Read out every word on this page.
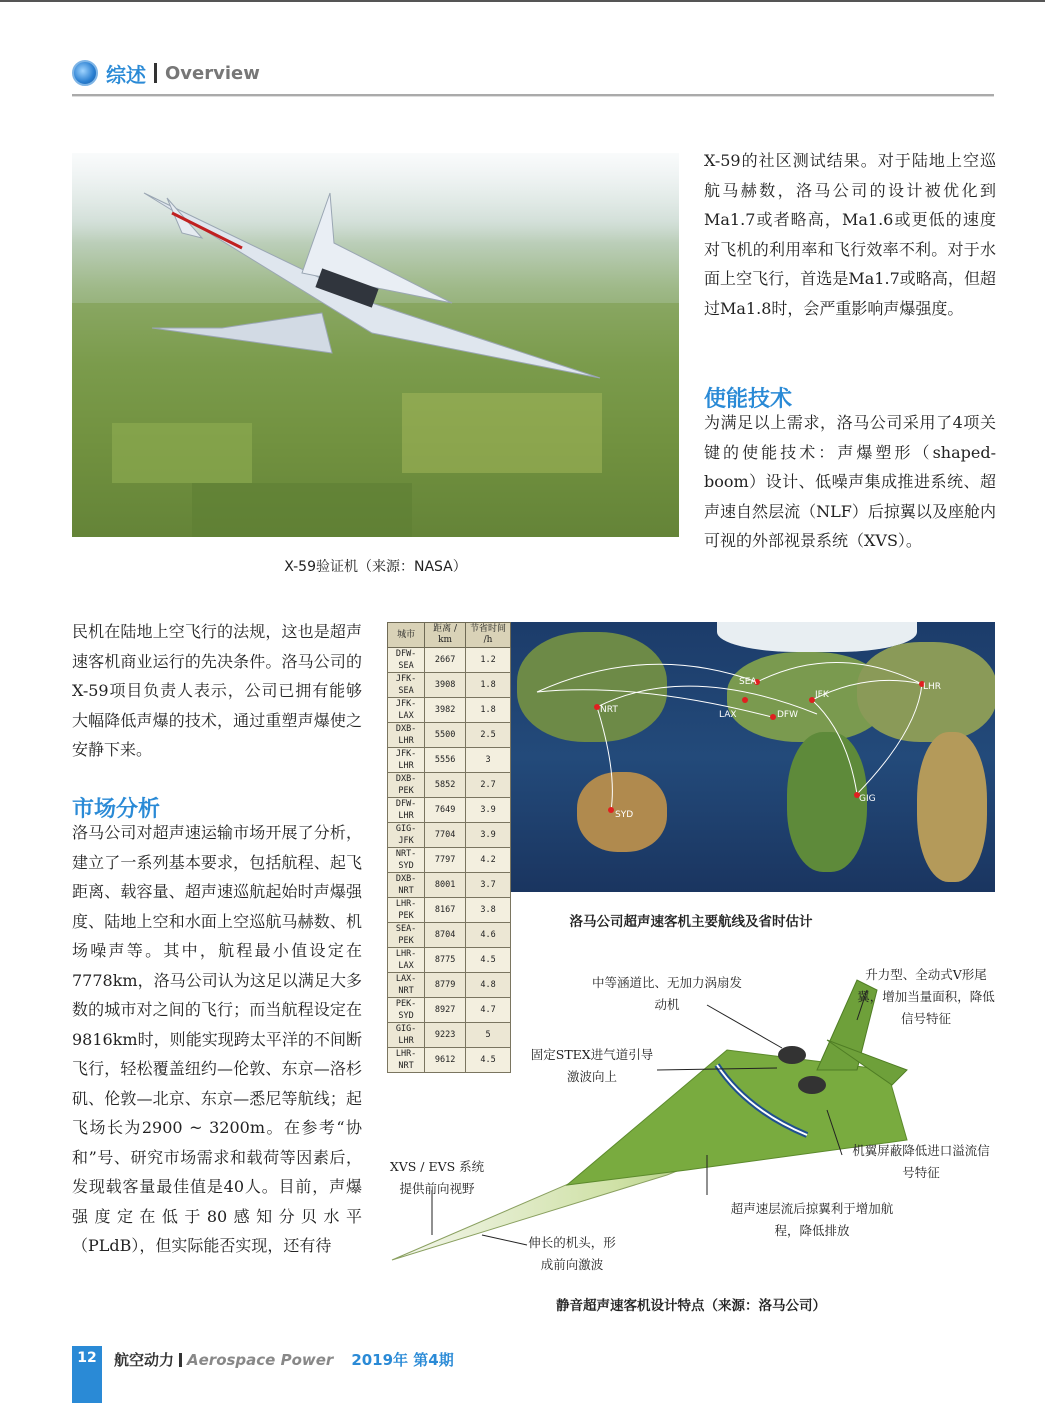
综述 Overview
X-59验证机（来源：NASA）

X-59的社区测试结果。对于陆地上空巡航马赫数，洛马公司的设计被优化到Ma1.7或者略高，Ma1.6或更低的速度对飞机的利用率和飞行效率不利。对于水面上空飞行，首选是Ma1.7或略高，但超过Ma1.8时，会严重影响声爆强度。

使能技术

为满足以上需求，洛马公司采用了4项关键的使能技术：声爆塑形（shaped-boom）设计、低噪声集成推进系统、超声速自然层流（NLF）后掠翼以及座舱内可视的外部视景系统（XVS）。

民机在陆地上空飞行的法规，这也是超声速客机商业运行的先决条件。洛马公司的X-59项目负责人表示，公司已拥有能够大幅降低声爆的技术，通过重塑声爆使之安静下来。

市场分析

洛马公司对超声速运输市场开展了分析，建立了一系列基本要求，包括航程、起飞距离、载容量、超声速巡航起始时声爆强度、陆地上空和水面上空巡航马赫数、机场噪声等。其中，航程最小值设定在7778km，洛马公司认为这足以满足大多数的城市对之间的飞行；而当航程设定在9816km时，则能实现跨太平洋的不间断飞行，轻松覆盖纽约—伦敦、东京—洛杉矶、伦敦—北京、东京—悉尼等航线；起飞场长为2900 ~ 3200m。在参考“协和”号、研究市场需求和载荷等因素后，发现载客量最佳值是40人。目前，声爆强度定在低于80感知分贝水平（PLdB），但实际能否实现，还有待

NRT
SYD
SEA
LAX	DFW
JFK
LHR
GIG
城市	距离 / km	节省时间 /h
DFW-SEA	2667	1.2
JFK-SEA	3908	1.8
JFK-LAX	3982	1.8
DXB-LHR	5500	2.5
JFK-LHR	5556	3
DXB-PEK	5852	2.7
DFW-LHR	7649	3.9
GIG-JFK	7704	3.9
NRT-SYD	7797	4.2
DXB-NRT	8001	3.7
LHR-PEK	8167	3.8
SEA-PEK	8704	4.6
LHR-LAX	8775	4.5
LAX-NRT	8779	4.8
PEK-SYD	8927	4.7
GIG-LHR	9223	5
LHR-NRT	9612	4.5
洛马公司超声速客机主要航线及省时估计
中等涵道比、无加力涡扇发动机
升力型、全动式V形尾翼，增加当量面积，降低信号特征
固定STEX进气道引导激波向上
机翼屏蔽降低进口溢流信号特征
XVS / EVS 系统提供前向视野
超声速层流后掠翼利于增加航程，降低排放
伸长的机头，形成前向激波
静音超声速客机设计特点（来源：洛马公司）
12	航空动力 Aerospace Power 2019年 第4期
